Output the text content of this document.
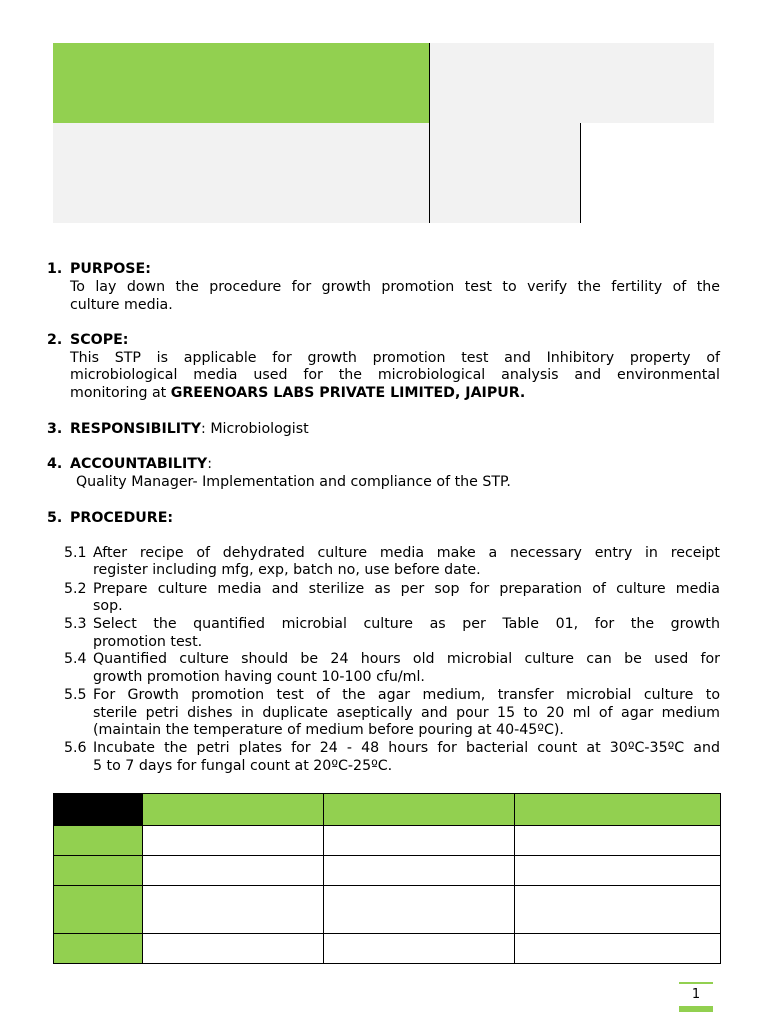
1. PURPOSE:
To lay down the procedure for growth promotion test to verify the fertility of the
culture media.
2. SCOPE:
This STP is applicable for growth promotion test and Inhibitory property of
microbiological media used for the microbiological analysis and environmental
monitoring at GREENOARS LABS PRIVATE LIMITED, JAIPUR.
3. RESPONSIBILITY: Microbiologist
4. ACCOUNTABILITY:
Quality Manager- Implementation and compliance of the STP.
5. PROCEDURE:
5.1 After recipe of dehydrated culture media make a necessary entry in receipt
register including mfg, exp, batch no, use before date.
5.2 Prepare culture media and sterilize as per sop for preparation of culture media
sop.
5.3 Select the quantified microbial culture as per Table 01, for the growth
promotion test.
5.4 Quantified culture should be 24 hours old microbial culture can be used for
growth promotion having count 10-100 cfu/ml.
5.5 For Growth promotion test of the agar medium, transfer microbial culture to
sterile petri dishes in duplicate aseptically and pour 15 to 20 ml of agar medium
(maintain the temperature of medium before pouring at 40-45ºC).
5.6 Incubate the petri plates for 24 - 48 hours for bacterial count at 30ºC-35ºC and
5 to 7 days for fungal count at 20ºC-25ºC.

1
